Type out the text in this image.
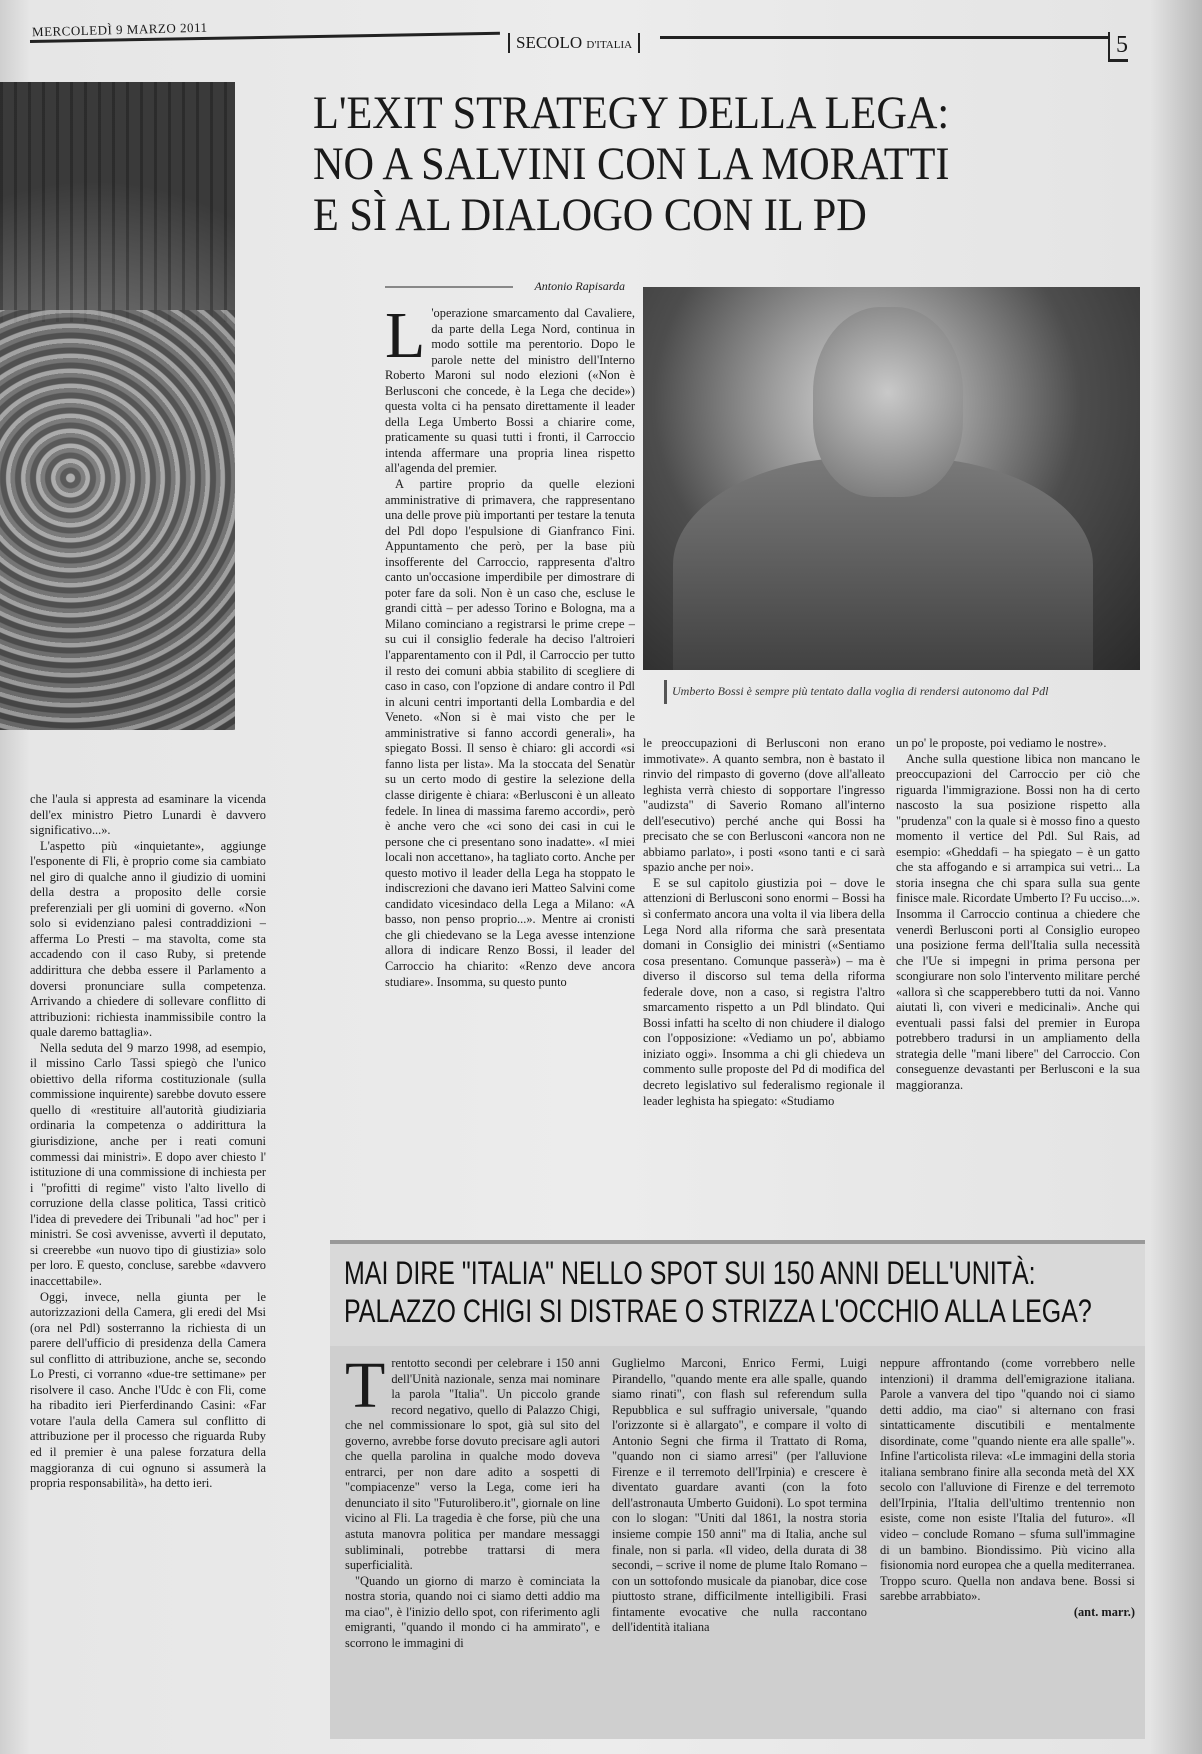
MERCOLEDÌ 9 MARZO 2011
SECOLO D'ITALIA	5
Umberto Bossi è sempre più tentato dalla voglia di rendersi autonomo dal Pdl
L'EXIT STRATEGY DELLA LEGA:
NO A SALVINI CON LA MORATTI
E SÌ AL DIALOGO CON IL PD
Antonio Rapisarda

L 'operazione smarcamento dal Cavaliere, da parte della Lega Nord, continua in modo sottile ma perentorio. Dopo le parole nette del ministro dell'Interno Roberto Maroni sul nodo elezioni («Non è Berlusconi che concede, è la Lega che decide») questa volta ci ha pensato direttamente il leader della Lega Umberto Bossi a chiarire come, praticamente su quasi tutti i fronti, il Carroccio intenda affermare una propria linea rispetto all'agenda del premier.

A partire proprio da quelle elezioni amministrative di primavera, che rappresentano una delle prove più importanti per testare la tenuta del Pdl dopo l'espulsione di Gianfranco Fini. Appuntamento che però, per la base più insofferente del Carroccio, rappresenta d'altro canto un'occasione imperdibile per dimostrare di poter fare da soli. Non è un caso che, escluse le grandi città – per adesso Torino e Bologna, ma a Milano cominciano a registrarsi le prime crepe – su cui il consiglio federale ha deciso l'altroieri l'apparentamento con il Pdl, il Carroccio per tutto il resto dei comuni abbia stabilito di scegliere di caso in caso, con l'opzione di andare contro il Pdl in alcuni centri importanti della Lombardia e del Veneto. «Non si è mai visto che per le amministrative si fanno accordi generali», ha spiegato Bossi. Il senso è chiaro: gli accordi «si fanno lista per lista». Ma la stoccata del Senatùr su un certo modo di gestire la selezione della classe dirigente è chiara: «Berlusconi è un alleato fedele. In linea di massima faremo accordi», però è anche vero che «ci sono dei casi in cui le persone che ci presentano sono inadatte». «I miei locali non accettano», ha tagliato corto. Anche per questo motivo il leader della Lega ha stoppato le indiscrezioni che davano ieri Matteo Salvini come candidato vicesindaco della Lega a Milano: «A basso, non penso proprio...». Mentre ai cronisti che gli chiedevano se la Lega avesse intenzione allora di indicare Renzo Bossi, il leader del Carroccio ha chiarito: «Renzo deve ancora studiare». Insomma, su questo punto

le preoccupazioni di Berlusconi non erano immotivate». A quanto sembra, non è bastato il rinvio del rimpasto di governo (dove all'alleato leghista verrà chiesto di sopportare l'ingresso "audizsta" di Saverio Romano all'interno dell'esecutivo) perché anche qui Bossi ha precisato che se con Berlusconi «ancora non ne abbiamo parlato», i posti «sono tanti e ci sarà spazio anche per noi».

E se sul capitolo giustizia poi – dove le attenzioni di Berlusconi sono enormi – Bossi ha sì confermato ancora una volta il via libera della Lega Nord alla riforma che sarà presentata domani in Consiglio dei ministri («Sentiamo cosa presentano. Comunque passerà») – ma è diverso il discorso sul tema della riforma federale dove, non a caso, si registra l'altro smarcamento rispetto a un Pdl blindato. Qui Bossi infatti ha scelto di non chiudere il dialogo con l'opposizione: «Vediamo un po', abbiamo iniziato oggi». Insomma a chi gli chiedeva un commento sulle proposte del Pd di modifica del decreto legislativo sul federalismo regionale il leader leghista ha spiegato: «Studiamo

un po' le proposte, poi vediamo le nostre».

Anche sulla questione libica non mancano le preoccupazioni del Carroccio per ciò che riguarda l'immigrazione. Bossi non ha di certo nascosto la sua posizione rispetto alla "prudenza" con la quale si è mosso fino a questo momento il vertice del Pdl. Sul Rais, ad esempio: «Gheddafi – ha spiegato – è un gatto che sta affogando e si arrampica sui vetri... La storia insegna che chi spara sulla sua gente finisce male. Ricordate Umberto I? Fu ucciso...». Insomma il Carroccio continua a chiedere che venerdì Berlusconi porti al Consiglio europeo una posizione ferma dell'Italia sulla necessità che l'Ue si impegni in prima persona per scongiurare non solo l'intervento militare perché «allora sì che scapperebbero tutti da noi. Vanno aiutati lì, con viveri e medicinali». Anche qui eventuali passi falsi del premier in Europa potrebbero tradursi in un ampliamento della strategia delle "mani libere" del Carroccio. Con conseguenze devastanti per Berlusconi e la sua maggioranza.

che l'aula si appresta ad esaminare la vicenda dell'ex ministro Pietro Lunardi è davvero significativo...».

L'aspetto più «inquietante», aggiunge l'esponente di Fli, è proprio come sia cambiato nel giro di qualche anno il giudizio di uomini della destra a proposito delle corsie preferenziali per gli uomini di governo. «Non solo si evidenziano palesi contraddizioni – afferma Lo Presti – ma stavolta, come sta accadendo con il caso Ruby, si pretende addirittura che debba essere il Parlamento a doversi pronunciare sulla competenza. Arrivando a chiedere di sollevare conflitto di attribuzioni: richiesta inammissibile contro la quale daremo battaglia».

Nella seduta del 9 marzo 1998, ad esempio, il missino Carlo Tassi spiegò che l'unico obiettivo della riforma costituzionale (sulla commissione inquirente) sarebbe dovuto essere quello di «restituire all'autorità giudiziaria ordinaria la competenza o addirittura la giurisdizione, anche per i reati comuni commessi dai ministri». E dopo aver chiesto l' istituzione di una commissione di inchiesta per i "profitti di regime" visto l'alto livello di corruzione della classe politica, Tassi criticò l'idea di prevedere dei Tribunali "ad hoc" per i ministri. Se così avvenisse, avvertì il deputato, si creerebbe «un nuovo tipo di giustizia» solo per loro. E questo, concluse, sarebbe «davvero inaccettabile».

Oggi, invece, nella giunta per le autorizzazioni della Camera, gli eredi del Msi (ora nel Pdl) sosterranno la richiesta di un parere dell'ufficio di presidenza della Camera sul conflitto di attribuzione, anche se, secondo Lo Presti, ci vorranno «due-tre settimane» per risolvere il caso. Anche l'Udc è con Fli, come ha ribadito ieri Pierferdinando Casini: «Far votare l'aula della Camera sul conflitto di attribuzione per il processo che riguarda Ruby ed il premier è una palese forzatura della maggioranza di cui ognuno si assumerà la propria responsabilità», ha detto ieri.

MAI DIRE "ITALIA" NELLO SPOT SUI 150 ANNI DELL'UNITÀ:
PALAZZO CHIGI SI DISTRAE O STRIZZA L'OCCHIO ALLA LEGA?

Trentotto secondi per celebrare i 150 anni dell'Unità nazionale, senza mai nominare la parola "Italia". Un piccolo grande record negativo, quello di Palazzo Chigi, che nel commissionare lo spot, già sul sito del governo, avrebbe forse dovuto precisare agli autori che quella parolina in qualche modo doveva entrarci, per non dare adito a sospetti di "compiacenze" verso la Lega, come ieri ha denunciato il sito "Futuroliberо.it", giornale on line vicino al Fli. La tragedia è che forse, più che una astuta manovra politica per mandare messaggi subliminali, potrebbe trattarsi di mera superficialità.

"Quando un giorno di marzo è cominciata la nostra storia, quando noi ci siamo detti addio ma ma ciao", è l'inizio dello spot, con riferimento agli emigranti, "quando il mondo ci ha ammirato", e scorrono le immagini di

Guglielmo Marconi, Enrico Fermi, Luigi Pirandello, "quando mente era alle spalle, quando siamo rinati", con flash sul referendum sulla Repubblica e sul suffragio universale, "quando l'orizzonte si è allargato", e compare il volto di Antonio Segni che firma il Trattato di Roma, "quando non ci siamo arresi" (per l'alluvione Firenze e il terremoto dell'Irpinia) e crescere è diventato guardare avanti (con la foto dell'astronauta Umberto Guidoni). Lo spot termina con lo slogan: "Uniti dal 1861, la nostra storia insieme compie 150 anni" ma di Italia, anche sul finale, non si parla. «Il video, della durata di 38 secondi, – scrive il nome de plume Italo Romano – con un sottofondo musicale da pianobar, dice cose piuttosto strane, difficilmente intelligibili. Frasi fintamente evocative che nulla raccontano dell'identità italiana

neppure affrontando (come vorrebbero nelle intenzioni) il dramma dell'emigrazione italiana. Parole a vanvera del tipo "quando noi ci siamo detti addio, ma ciao" si alternano con frasi sintatticamente discutibili e mentalmente disordinate, come "quando niente era alle spalle"». Infine l'articolista rileva: «Le immagini della storia italiana sembrano finire alla seconda metà del XX secolo con l'alluvione di Firenze e del terremoto dell'Irpinia, l'Italia dell'ultimo trentennio non esiste, come non esiste l'Italia del futuro». «Il video – conclude Romano – sfuma sull'immagine di un bambino. Biondissimo. Più vicino alla fisionomia nord europea che a quella mediterranea. Troppo scuro. Quella non andava bene. Bossi si sarebbe arrabbiato».

(ant. marr.)
